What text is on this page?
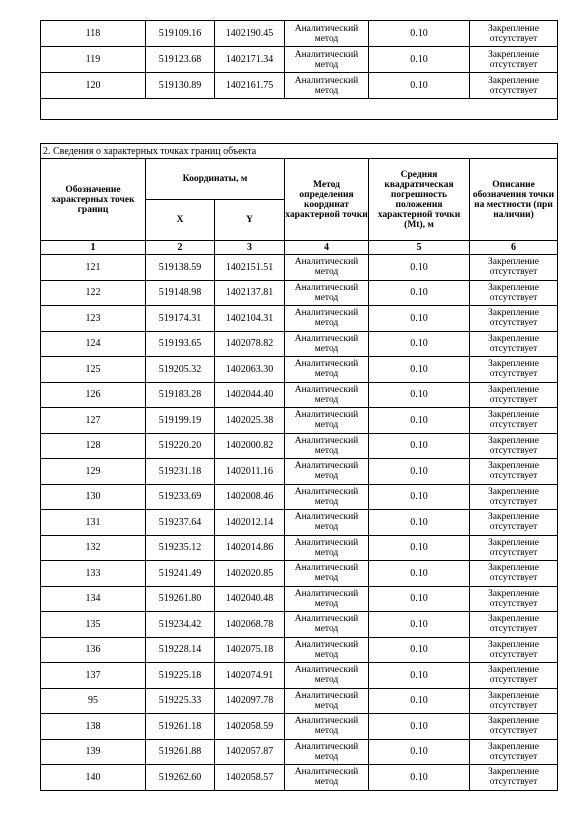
118	519109.16	1402190.45	Аналитический метод	0.10	Закрепление отсутствует
119	519123.68	1402171.34	Аналитический метод	0.10	Закрепление отсутствует
120	519130.89	1402161.75	Аналитический метод	0.10	Закрепление отсутствует

2. Сведения о характерных точках границ объекта					
Обозначение характерных точек границ	Координаты, м		Метод определения координат характерной точки	Средняя квадратическая погрешность положения характерной точки (Mt), м	Описание обозначения точки на местности (при наличии)
	X	Y			
1	2	3	4	5	6
121	519138.59	1402151.51	Аналитический метод	0.10	Закрепление отсутствует
122	519148.98	1402137.81	Аналитический метод	0.10	Закрепление отсутствует
123	519174.31	1402104.31	Аналитический метод	0.10	Закрепление отсутствует
124	519193.65	1402078.82	Аналитический метод	0.10	Закрепление отсутствует
125	519205.32	1402063.30	Аналитический метод	0.10	Закрепление отсутствует
126	519183.28	1402044.40	Аналитический метод	0.10	Закрепление отсутствует
127	519199.19	1402025.38	Аналитический метод	0.10	Закрепление отсутствует
128	519220.20	1402000.82	Аналитический метод	0.10	Закрепление отсутствует
129	519231.18	1402011.16	Аналитический метод	0.10	Закрепление отсутствует
130	519233.69	1402008.46	Аналитический метод	0.10	Закрепление отсутствует
131	519237.64	1402012.14	Аналитический метод	0.10	Закрепление отсутствует
132	519235.12	1402014.86	Аналитический метод	0.10	Закрепление отсутствует
133	519241.49	1402020.85	Аналитический метод	0.10	Закрепление отсутствует
134	519261.80	1402040.48	Аналитический метод	0.10	Закрепление отсутствует
135	519234.42	1402068.78	Аналитический метод	0.10	Закрепление отсутствует
136	519228.14	1402075.18	Аналитический метод	0.10	Закрепление отсутствует
137	519225.18	1402074.91	Аналитический метод	0.10	Закрепление отсутствует
95	519225.33	1402097.78	Аналитический метод	0.10	Закрепление отсутствует
138	519261.18	1402058.59	Аналитический метод	0.10	Закрепление отсутствует
139	519261.88	1402057.87	Аналитический метод	0.10	Закрепление отсутствует
140	519262.60	1402058.57	Аналитический метод	0.10	Закрепление отсутствует
